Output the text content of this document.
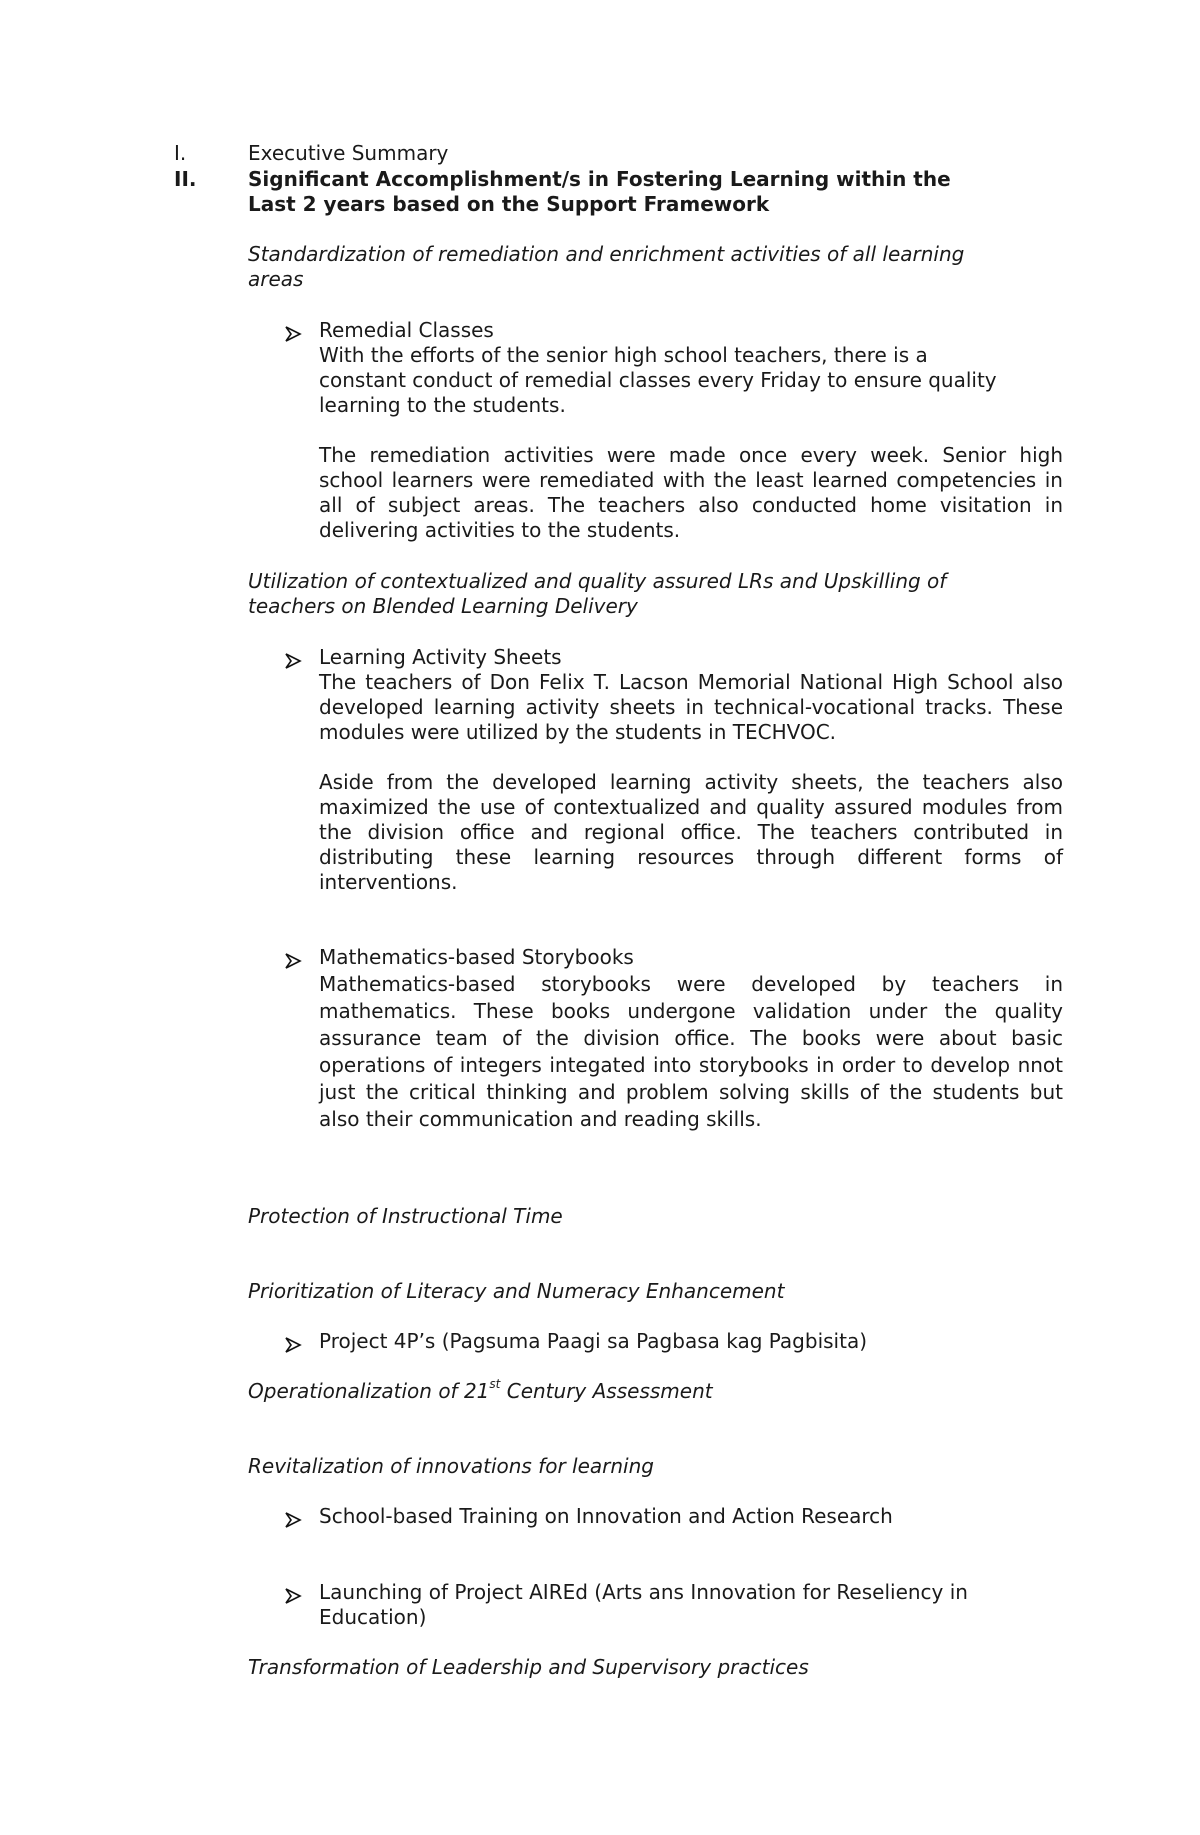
I.	Executive Summary
II.	Significant Accomplishment/s in Fostering Learning within the
Last 2 years based on the Support Framework
Standardization of remediation and enrichment activities of all learning
areas
Remedial Classes
With the efforts of the senior high school teachers, there is a
constant conduct of remedial classes every Friday to ensure quality
learning to the students.
The remediation activities were made once every week. Senior high school learners were remediated with the least learned competencies in all of subject areas. The teachers also conducted home visitation in delivering activities to the students.
Utilization of contextualized and quality assured LRs and Upskilling of
teachers on Blended Learning Delivery
Learning Activity Sheets
The teachers of Don Felix T. Lacson Memorial National High School also developed learning activity sheets in technical-vocational tracks. These modules were utilized by the students in TECHVOC.
Aside from the developed learning activity sheets, the teachers also maximized the use of contextualized and quality assured modules from the division office and regional office. The teachers contributed in distributing these learning resources through different forms of interventions.
Mathematics-based Storybooks
Mathematics-based storybooks were developed by teachers in mathematics. These books undergone validation under the quality assurance team of the division office. The books were about basic operations of integers integated into storybooks in order to develop nnot just the critical thinking and problem solving skills of the students but also their communication and reading skills.
Protection of Instructional Time
Prioritization of Literacy and Numeracy Enhancement
Project 4P’s (Pagsuma Paagi sa Pagbasa kag Pagbisita)
Operationalization of 21st Century Assessment
Revitalization of innovations for learning
School-based Training on Innovation and Action Research
Launching of Project AIREd (Arts ans Innovation for Reseliency in
Education)
Transformation of Leadership and Supervisory practices
